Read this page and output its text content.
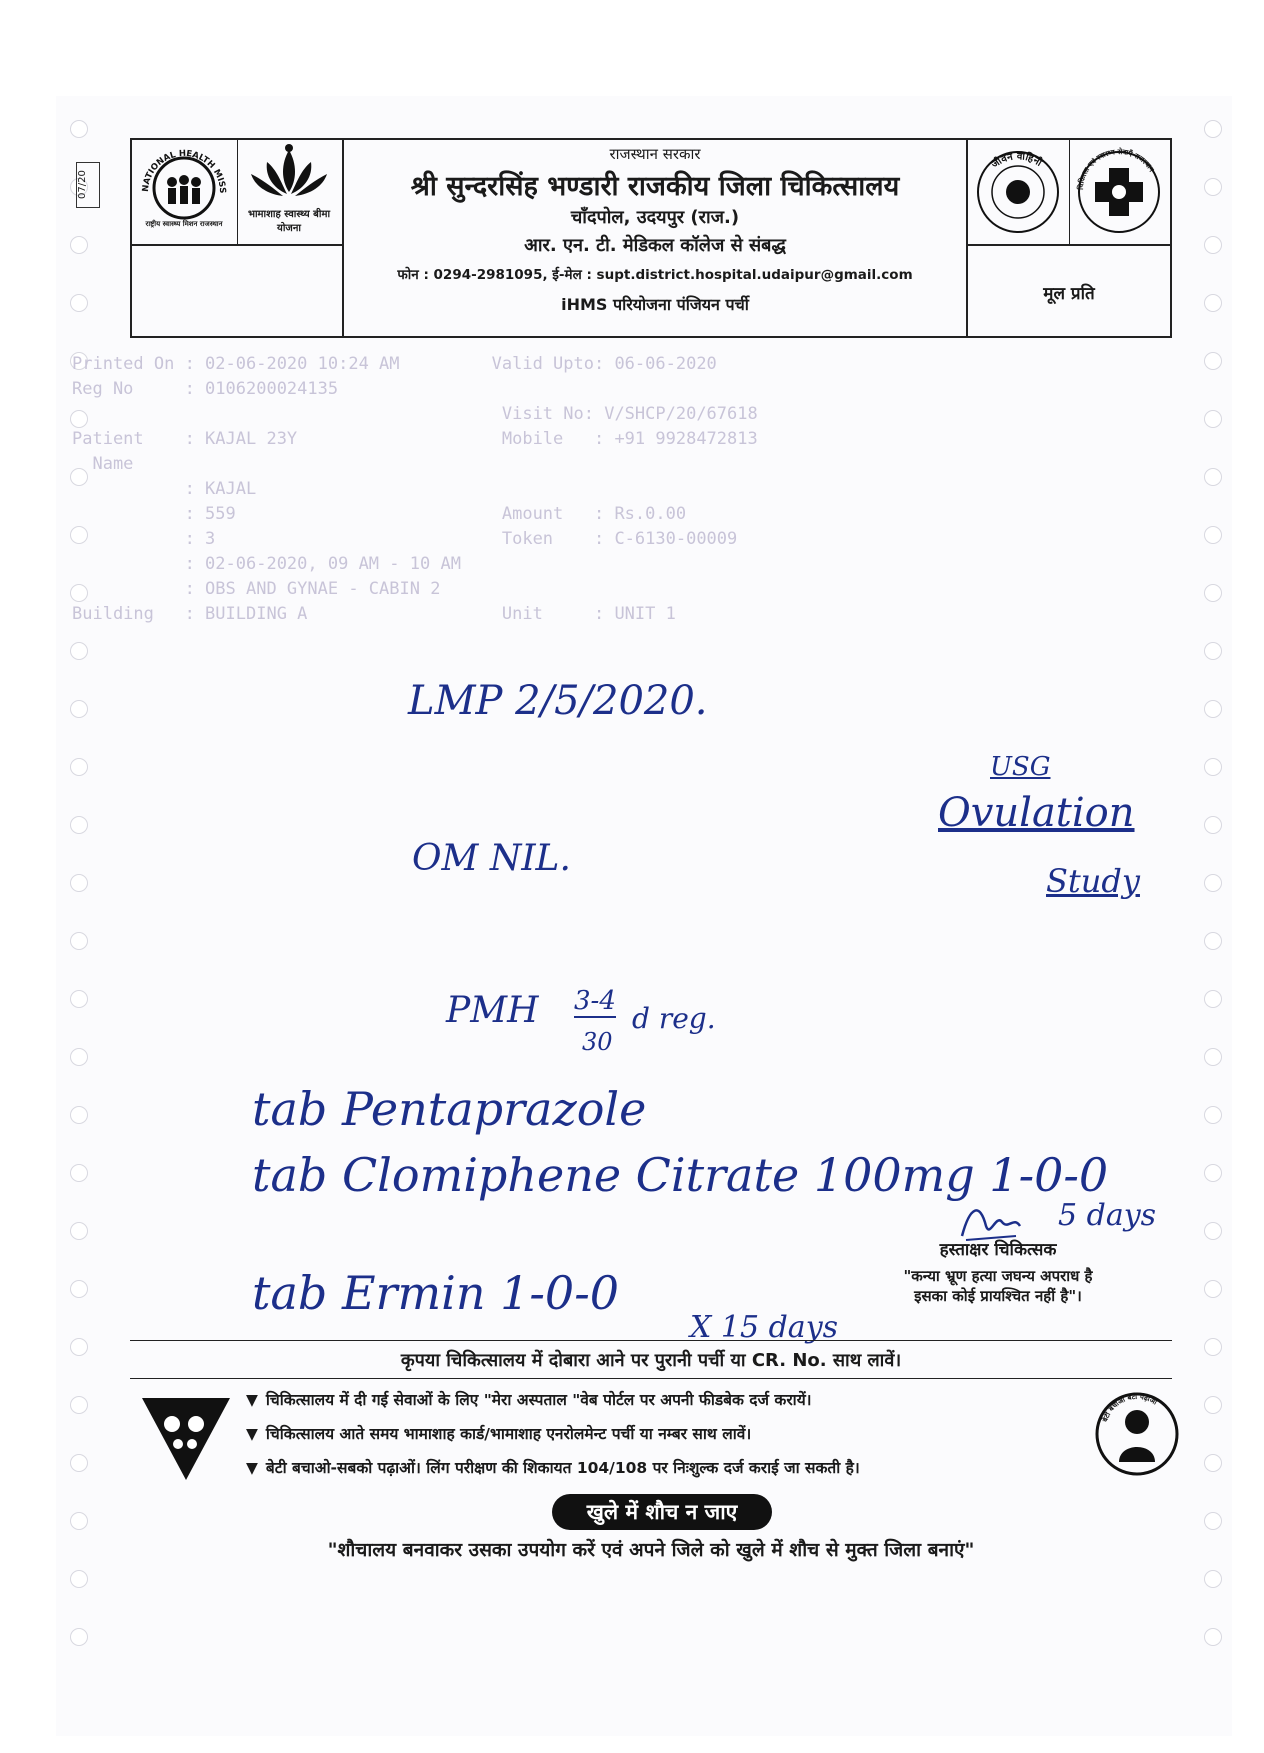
07/20	NATIONAL HEALTH MISS
राष्ट्रीय स्वास्थ्य मिशन राजस्थान
भामाशाह स्वास्थ्य बीमा योजना
राजस्थान सरकार
श्री सुन्दरसिंह भण्डारी राजकीय जिला चिकित्सालय
चाँदपोल, उदयपुर (राज.)
आर. एन. टी. मेडिकल कॉलेज से संबद्ध
फोन : 0294-2981095, ई-मेल : supt.district.hospital.udaipur@gmail.com
iHMS परियोजना पंजियन पर्ची
जीवन वाहिनी
चिकित्सा एवं स्वास्थ्य सेवाएँ राजस्थान
मूल प्रति
Printed On : 02-06-2020 10:24 AM         Valid Upto: 06-06-2020
Reg No     : 0106200024135
Visit No: V/SHCP/20/67618
Patient    : KAJAL 23Y                    Mobile   : +91 9928472813
Name
: KAJAL
: 559                          Amount   : Rs.0.00
: 3                            Token    : C-6130-00009
: 02-06-2020, 09 AM - 10 AM
: OBS AND GYNAE - CABIN 2
Building   : BUILDING A                   Unit     : UNIT 1
LMP 2/5/2020.
USG
Ovulation
Study
OM NIL.
PMH 3-4
30
d reg.
tab Pentaprazole
tab Clomiphene Citrate 100mg 1-0-0
5 days
tab Ermin 1-0-0
X 15 days
हस्ताक्षर चिकित्सक
"कन्या भ्रूण हत्या जघन्य अपराध है
इसका कोई प्रायश्चित नहीं है"।
कृपया चिकित्सालय में दोबारा आने पर पुरानी पर्ची या CR. No. साथ लावें।
▼ चिकित्सालय में दी गई सेवाओं के लिए "मेरा अस्पताल "वेब पोर्टल पर अपनी फीडबेक दर्ज करायें।
▼ चिकित्सालय आते समय भामाशाह कार्ड/भामाशाह एनरोलमेन्ट पर्ची या नम्बर साथ लावें।
▼ बेटी बचाओ-सबको पढ़ाओं। लिंग परीक्षण की शिकायत 104/108 पर निःशुल्क दर्ज कराई जा सकती है।
बेटी बचाओ बेटी पढ़ाओ
खुले में शौच न जाए
"शौचालय बनवाकर उसका उपयोग करें एवं अपने जिले को खुले में शौच से मुक्त जिला बनाएं"
